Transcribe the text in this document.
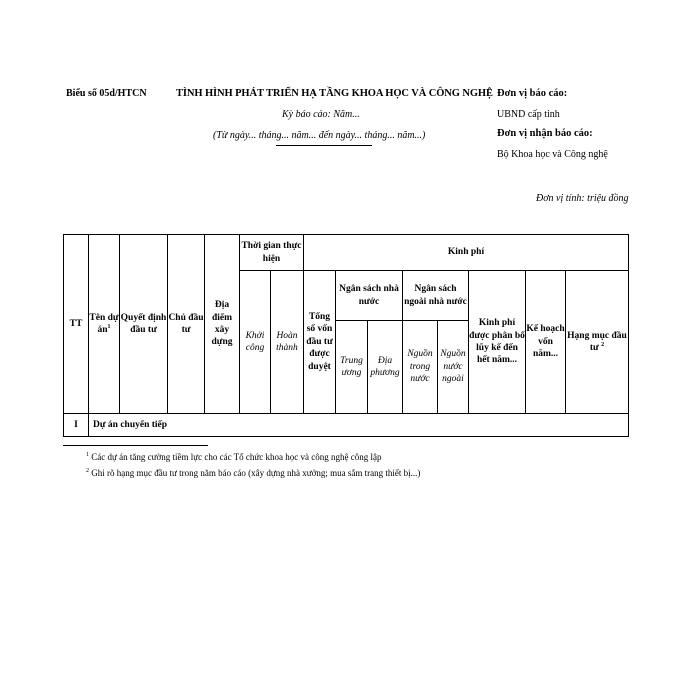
Biểu số 05d/HTCN	TÌNH HÌNH PHÁT TRIỂN HẠ TẦNG KHOA HỌC VÀ CÔNG NGHỆ
Kỳ báo cáo: Năm...
(Từ ngày... tháng... năm... đến ngày... tháng... năm...)
Đơn vị báo cáo:
UBND cấp tỉnh
Đơn vị nhận báo cáo:
Bộ Khoa học và Công nghệ
Đơn vị tính: triệu đồng
TT	Tên dự $án^1$	Quyết định đầu tư	Chủ đầu tư	Địa điểm xây dựng	Thời gian thực hiện		Kinh phí							
					Khởi công	Hoàn thành	Tổng số vốn đầu tư được duyệt	Ngân sách nhà nước		Ngân sách ngoài nhà nước		Kinh phí được phân bổ lũy kế đến hết năm...	Kế hoạch vốn năm...	Hạng mục đầu tư $^2$
								Trung ương	Địa phương	Nguồn trong nước	Nguồn nước ngoài			
I	Dự án chuyển tiếp													
$^1$ Các dự án tăng cường tiềm lực cho các Tổ chức khoa học và công nghệ công lập
$^2$ Ghi rõ hạng mục đầu tư trong năm báo cáo (xây dựng nhà xưởng; mua sắm trang thiết bị...)
